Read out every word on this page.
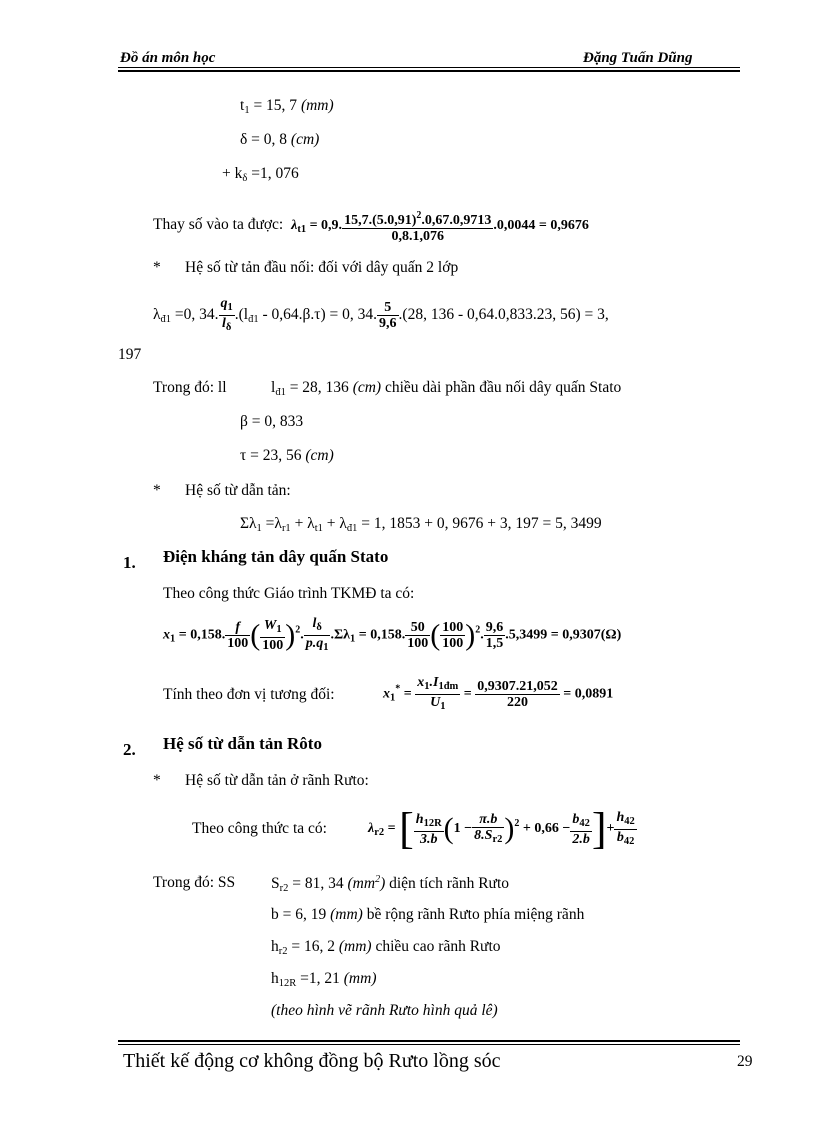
Đồ án môn học	Đặng Tuấn Dũng
$t_1 = 15$, 7 (mm)
δ = 0, 8 (cm)
+ $k_\delta =1$, 076
Thay số vào ta được: $\lambda_{t1} = 0,9$. $\frac{15,7.(5.0,91)^2.0,67.0,9713}{0,8.1,076} .0,0044 = 0,9676$
* Hệ số từ tản đầu nối: đối với dây quấn 2 lớp
$\lambda_{đ1} =0$, 34. $\frac{q_1}{l_\delta} .(l_{đ1} - 0,64.\beta.\tau) = 0$, 34. $\frac{5}{9,6} .(28$, 136 - 0,64.0,833.23, 56) = 3,
197
Trong đó: ll	$l_{đ1} = 28$, 136 (cm) chiều dài phần đầu nối dây quấn Stato
β = 0, 833
τ = 23, 56 (cm)
* Hệ số từ dẫn tản:
$\Sigma\lambda_1 =\lambda_{r1} + \lambda_{t1} + \lambda_{đ1} = 1$, 1853 + 0, 9676 + 3, 197 = 5, 3499
1. Điện kháng tản dây quấn Stato
Theo công thức Giáo trình TKMĐ ta có:
$x_1 = 0,158$. $\frac{f}{100}$ ( $\frac{W_1}{100} )^2$. $\frac{l_\delta}{p.q_1} .\Sigma\lambda_1 = 0,158$. $\frac{50}{100}$ ( $\frac{100}{100} )^2$. $\frac{9,6}{1,5} .5,3499 = 0,9307(\Omega)$
Tính theo đơn vị tương đối:	$x_1^* = \frac{x_1.I_{1đm}}{U_1} = \frac{0,9307.21,052}{220} = 0,0891$
2. Hệ số từ dẫn tản Rôto
* Hệ số từ dẫn tản ở rãnh Rưto:
Theo công thức ta có:	$\lambda_{r2}$ = [ $\frac{h_{12R}}{3.b} (1 - \frac{\pi.b}{8.S_{r2}} )^2 + 0,66 - \frac{b_{42}}{2.b}$ ]+ $\frac{h_{42}}{b_{42}}$
Trong đó: SS $S_{r2} = 81$, 34 $(mm^2)$ diện tích rãnh Rưto
b = 6, 19 (mm) bề rộng rãnh Rưto phía miệng rãnh
$h_{r2} = 16$, 2 (mm) chiều cao rãnh Rưto
$h_{12R} =1$, 21 (mm)
(theo hình vẽ rãnh Rưto hình quả lê)
Thiết kế động cơ không đồng bộ Rưto lồng sóc	29
